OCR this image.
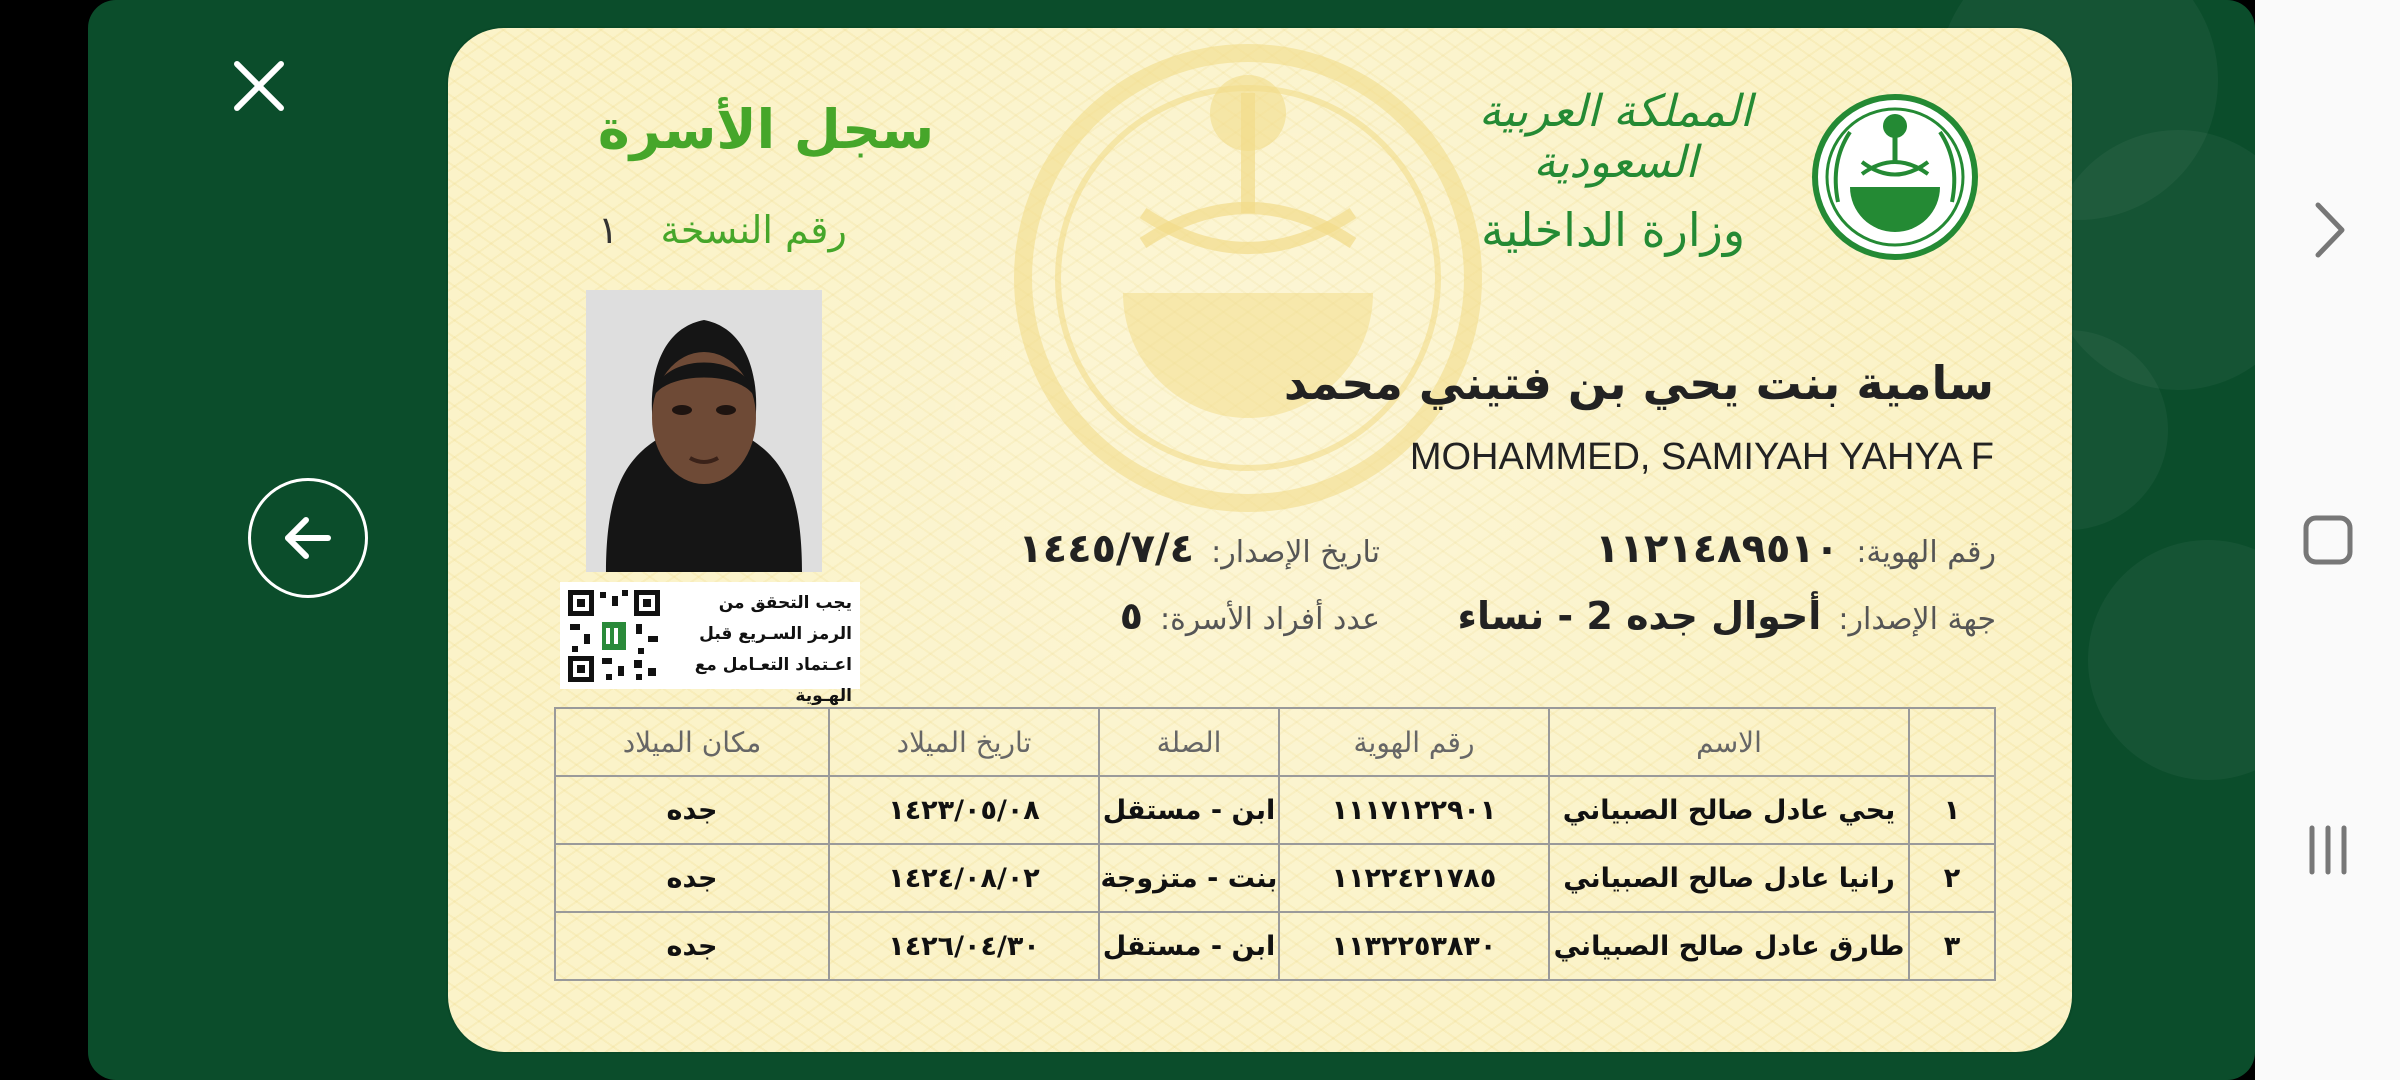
سجل الأسرة
رقم النسخة ١
المملكة العربية السعودية
وزارة الداخلية
يجب التحقق من الرمز السـريع قبل اعـتماد التعـامل مع الهـوية
سامية بنت يحي بن فتيني محمد
MOHAMMED, SAMIYAH YAHYA F
رقم الهوية: ١١٢١٤٨٩٥١٠
تاريخ الإصدار: ١٤٤٥/٧/٤
جهة الإصدار: أحوال جده 2 - نساء
عدد أفراد الأسرة: ٥
	الاسم	رقم الهوية	الصلة	تاريخ الميلاد	مكان الميلاد
١	يحي عادل صالح الصبياني	١١١٧١٢٢٩٠١	ابن - مستقل	١٤٢٣/٠٥/٠٨	جده
٢	رانيا عادل صالح الصبياني	١١٢٢٤٢١٧٨٥	بنت - متزوجة	١٤٢٤/٠٨/٠٢	جده
٣	طارق عادل صالح الصبياني	١١٣٢٢٥٣٨٣٠	ابن - مستقل	١٤٢٦/٠٤/٣٠	جده
